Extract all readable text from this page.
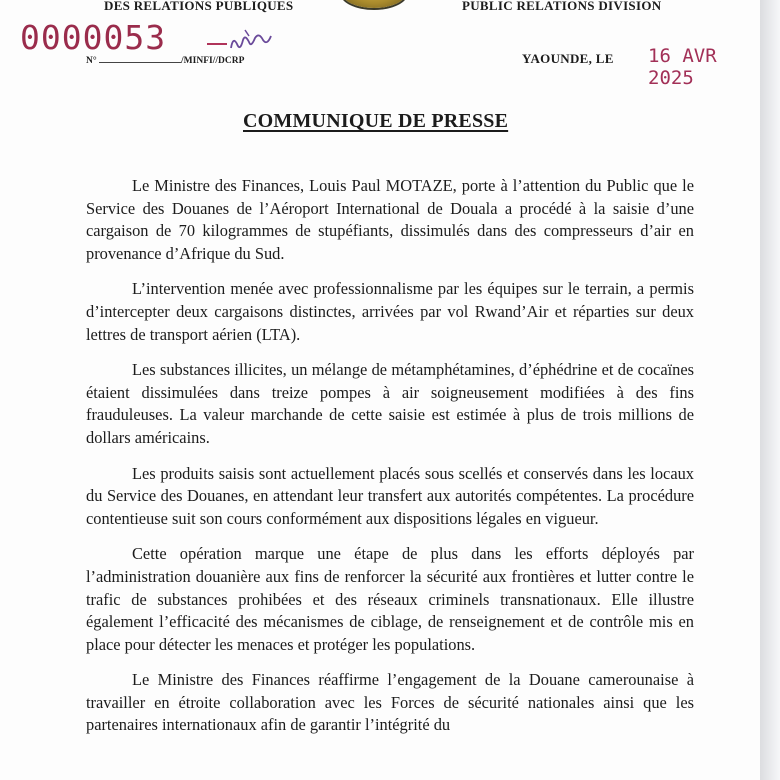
DES RELATIONS PUBLIQUES	PUBLIC RELATIONS DIVISION
0000053
N°	/MINFI//DCRP	YAOUNDE, LE 16 AVR 2025
COMMUNIQUE DE PRESSE

Le Ministre des Finances, Louis Paul MOTAZE, porte à l’attention du Public que le Service des Douanes de l’Aéroport International de Douala a procédé à la saisie d’une cargaison de 70 kilogrammes de stupéfiants, dissimulés dans des compresseurs d’air en provenance d’Afrique du Sud.

L’intervention menée avec professionnalisme par les équipes sur le terrain, a permis d’intercepter deux cargaisons distinctes, arrivées par vol Rwand’Air et réparties sur deux lettres de transport aérien (LTA).

Les substances illicites, un mélange de métamphétamines, d’éphédrine et de cocaïnes étaient dissimulées dans treize pompes à air soigneusement modifiées à des fins frauduleuses. La valeur marchande de cette saisie est estimée à plus de trois millions de dollars américains.

Les produits saisis sont actuellement placés sous scellés et conservés dans les locaux du Service des Douanes, en attendant leur transfert aux autorités compétentes. La procédure contentieuse suit son cours conformément aux dispositions légales en vigueur.

Cette opération marque une étape de plus dans les efforts déployés par l’administration douanière aux fins de renforcer la sécurité aux frontières et lutter contre le trafic de substances prohibées et des réseaux criminels transnationaux. Elle illustre également l’efficacité des mécanismes de ciblage, de renseignement et de contrôle mis en place pour détecter les menaces et protéger les populations.

Le Ministre des Finances réaffirme l’engagement de la Douane camerounaise à travailler en étroite collaboration avec les Forces de sécurité nationales ainsi que les partenaires internationaux afin de garantir l’intégrité du
